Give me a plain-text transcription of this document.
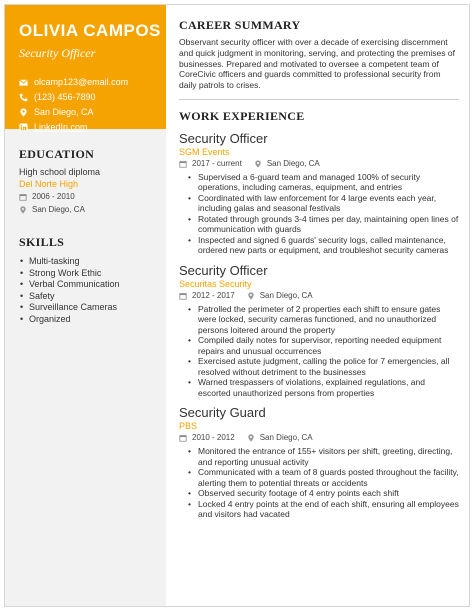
OLIVIA CAMPOS
Security Officer
olcamp123@email.com
(123) 456-7890
San Diego, CA
LinkedIn.com
EDUCATION
High school diploma
Del Norte High
2006 - 2010
San Diego, CA
SKILLS
• Multi-tasking
• Strong Work Ethic
• Verbal Communication
• Safety
• Surveillance Cameras
• Organized
CAREER SUMMARY
Observant security officer with over a decade of exercising discernment and quick judgment in monitoring, serving, and protecting the premises of businesses. Prepared and motivated to oversee a competent team of CoreCivic officers and guards committed to professional security from daily patrols to crises.
WORK EXPERIENCE
Security Officer
SGM Events
2017 - current	San Diego, CA
• Supervised a 6-guard team and managed 100% of security operations, including cameras, equipment, and entries
• Coordinated with law enforcement for 4 large events each year, including galas and seasonal festivals
• Rotated through grounds 3-4 times per day, maintaining open lines of communication with guards
• Inspected and signed 6 guards' security logs, called maintenance, ordered new parts or equipment, and troubleshot security cameras
Security Officer
Securitas Security
2012 - 2017	San Diego, CA
• Patrolled the perimeter of 2 properties each shift to ensure gates were locked, security cameras functioned, and no unauthorized persons loitered around the property
• Compiled daily notes for supervisor, reporting needed equipment repairs and unusual occurrences
• Exercised astute judgment, calling the police for 7 emergencies, all resolved without detriment to the businesses
• Warned trespassers of violations, explained regulations, and escorted unauthorized persons from properties
Security Guard
PBS
2010 - 2012	San Diego, CA
• Monitored the entrance of 155+ visitors per shift, greeting, directing, and reporting unusual activity
• Communicated with a team of 8 guards posted throughout the facility, alerting them to potential threats or accidents
• Observed security footage of 4 entry points each shift
• Locked 4 entry points at the end of each shift, ensuring all employees and visitors had vacated
